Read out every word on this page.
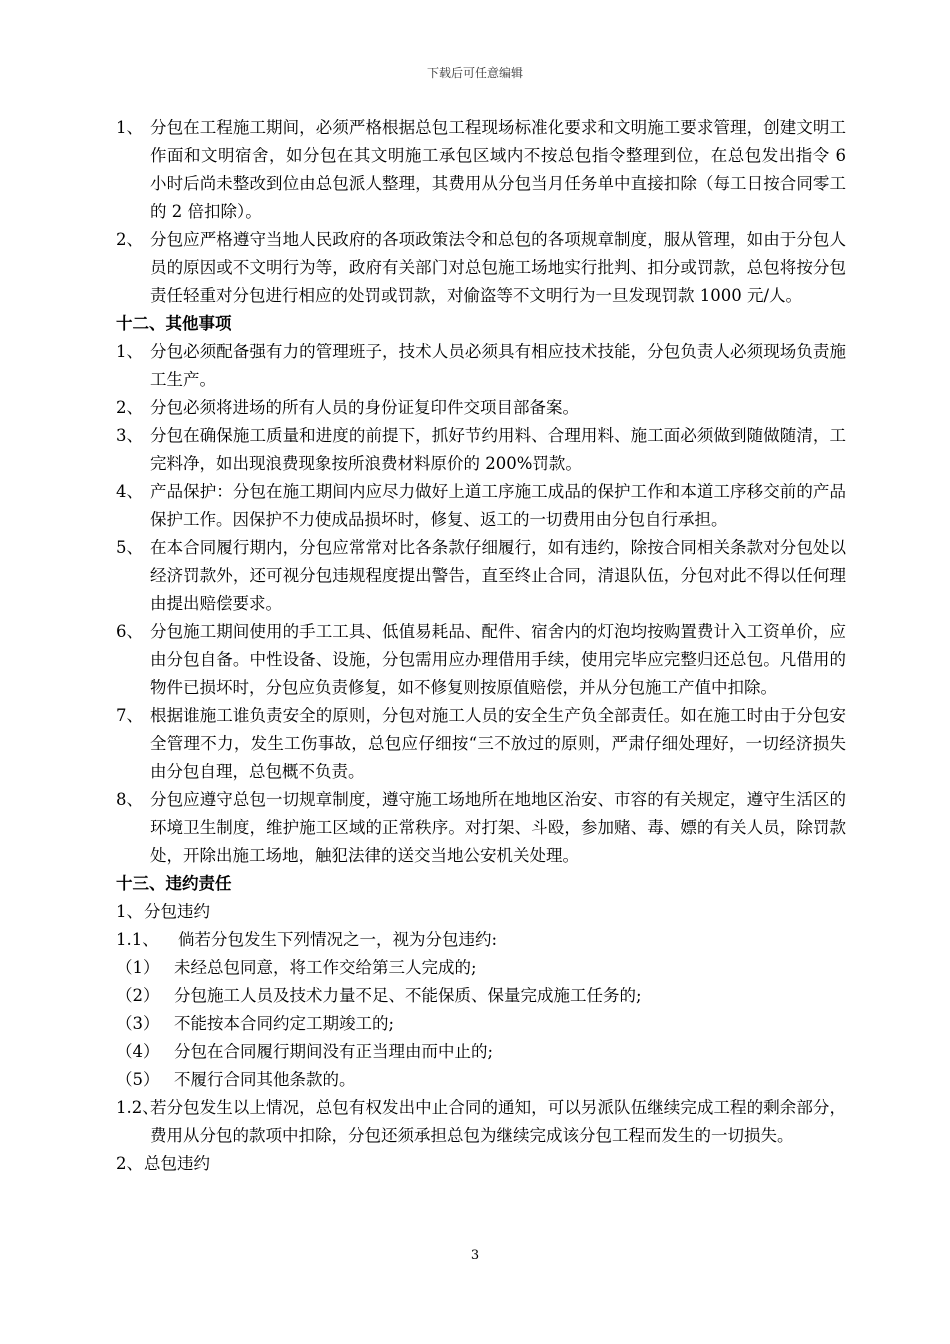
下载后可任意编辑
1、 分包在工程施工期间，必须严格根据总包工程现场标准化要求和文明施工要求管理，创建文明工作面和文明宿舍，如分包在其文明施工承包区域内不按总包指令整理到位，在总包发出指令 6 小时后尚未整改到位由总包派人整理，其费用从分包当月任务单中直接扣除（每工日按合同零工的 2 倍扣除）。
2、 分包应严格遵守当地人民政府的各项政策法令和总包的各项规章制度，服从管理，如由于分包人员的原因或不文明行为等，政府有关部门对总包施工场地实行批判、扣分或罚款，总包将按分包责任轻重对分包进行相应的处罚或罚款，对偷盗等不文明行为一旦发现罚款 1000 元/人。
十二、其他事项
1、 分包必须配备强有力的管理班子，技术人员必须具有相应技术技能，分包负责人必须现场负责施工生产。
2、 分包必须将进场的所有人员的身份证复印件交项目部备案。
3、 分包在确保施工质量和进度的前提下，抓好节约用料、合理用料、施工面必须做到随做随清，工完料净，如出现浪费现象按所浪费材料原价的 200%罚款。
4、 产品保护：分包在施工期间内应尽力做好上道工序施工成品的保护工作和本道工序移交前的产品保护工作。因保护不力使成品损坏时，修复、返工的一切费用由分包自行承担。
5、 在本合同履行期内，分包应常常对比各条款仔细履行，如有违约，除按合同相关条款对分包处以经济罚款外，还可视分包违规程度提出警告，直至终止合同，清退队伍，分包对此不得以任何理由提出赔偿要求。
6、 分包施工期间使用的手工工具、低值易耗品、配件、宿舍内的灯泡均按购置费计入工资单价，应由分包自备。中性设备、设施，分包需用应办理借用手续，使用完毕应完整归还总包。凡借用的物件已损坏时，分包应负责修复，如不修复则按原值赔偿，并从分包施工产值中扣除。
7、 根据谁施工谁负责安全的原则，分包对施工人员的安全生产负全部责任。如在施工时由于分包安全管理不力，发生工伤事故，总包应仔细按“三不放过的原则，严肃仔细处理好，一切经济损失由分包自理，总包概不负责。
8、 分包应遵守总包一切规章制度，遵守施工场地所在地地区治安、市容的有关规定，遵守生活区的环境卫生制度，维护施工区域的正常秩序。对打架、斗殴，参加赌、毒、嫖的有关人员，除罚款处，开除出施工场地，触犯法律的送交当地公安机关处理。
十三、违约责任
1、 分包违约
1.1、	倘若分包发生下列情况之一，视为分包违约:
（1） 未经总包同意，将工作交给第三人完成的;
（2） 分包施工人员及技术力量不足、不能保质、保量完成施工任务的;
（3） 不能按本合同约定工期竣工的;
（4） 分包在合同履行期间没有正当理由而中止的;
（5） 不履行合同其他条款的。
1.2、
若分包发生以上情况，总包有权发出中止合同的通知，可以另派队伍继续完成工程的剩余部分，费用从分包的款项中扣除，分包还须承担总包为继续完成该分包工程而发生的一切损失。
2、 总包违约
3
